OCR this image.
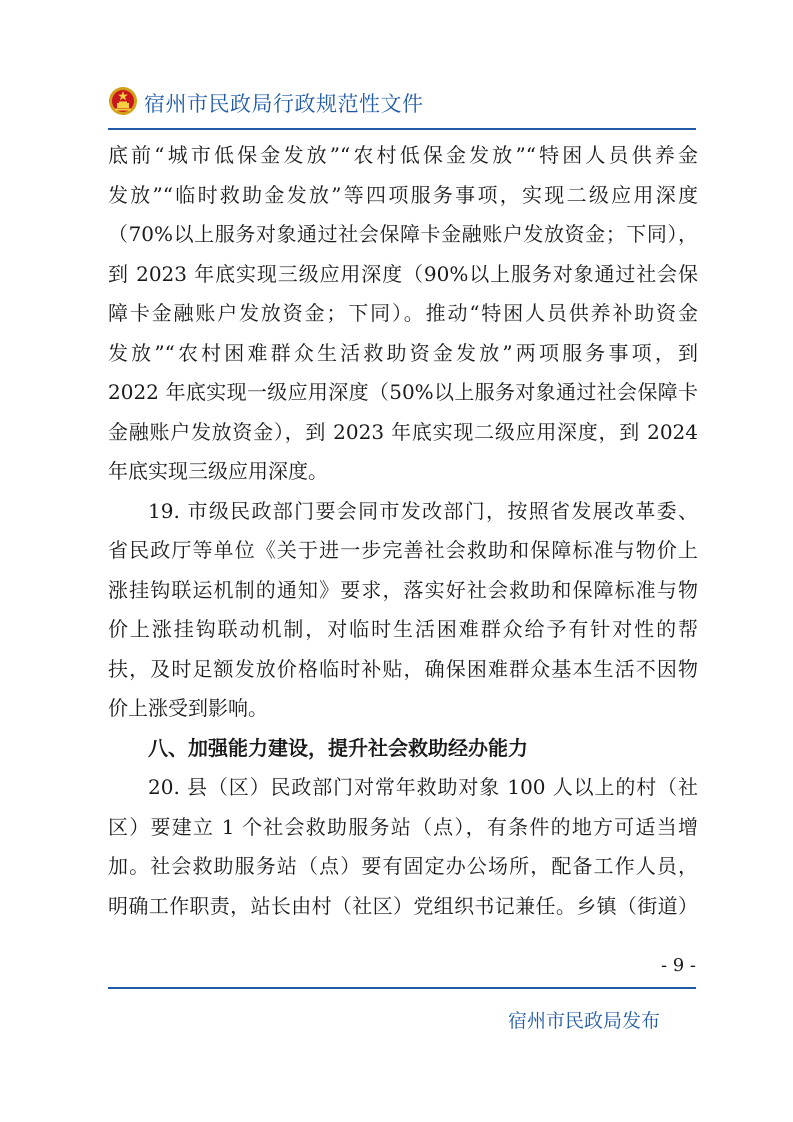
宿州市民政局行政规范性文件
底前“城市低保金发放”“农村低保金发放”“特困人员供养金
发放”“临时救助金发放”等四项服务事项，实现二级应用深度
（70%以上服务对象通过社会保障卡金融账户发放资金；下同），
到 2023 年底实现三级应用深度（90%以上服务对象通过社会保
障卡金融账户发放资金；下同）。推动“特困人员供养补助资金
发放”“农村困难群众生活救助资金发放”两项服务事项，到
2022 年底实现一级应用深度（50%以上服务对象通过社会保障卡
金融账户发放资金），到 2023 年底实现二级应用深度，到 2024
年底实现三级应用深度。
19. 市级民政部门要会同市发改部门，按照省发展改革委、
省民政厅等单位《关于进一步完善社会救助和保障标准与物价上
涨挂钩联运机制的通知》要求，落实好社会救助和保障标准与物
价上涨挂钩联动机制，对临时生活困难群众给予有针对性的帮
扶，及时足额发放价格临时补贴，确保困难群众基本生活不因物
价上涨受到影响。
八、加强能力建设，提升社会救助经办能力
20. 县（区）民政部门对常年救助对象 100 人以上的村（社
区）要建立 1 个社会救助服务站（点），有条件的地方可适当增
加。社会救助服务站（点）要有固定办公场所，配备工作人员，
明确工作职责，站长由村（社区）党组织书记兼任。乡镇（街道）
- 9 -
宿州市民政局发布
